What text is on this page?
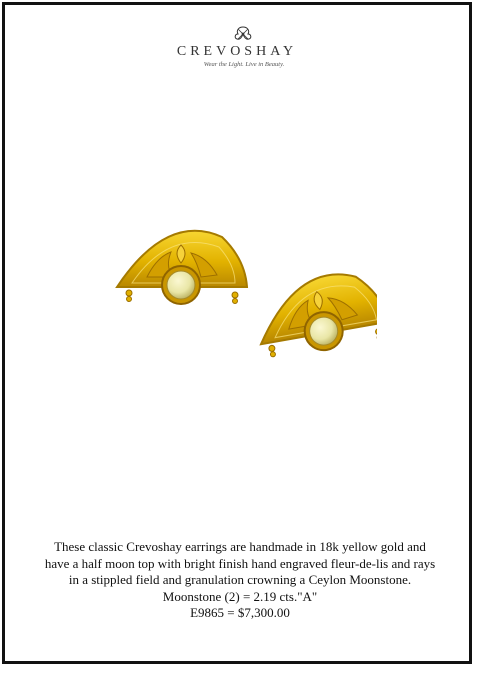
CREVOSHAY
Wear the Light. Live in Beauty.
These classic Crevoshay earrings are handmade in 18k yellow gold and
have a half moon top with bright finish hand engraved fleur-de-lis and rays
in a stippled field and granulation crowning a Ceylon Moonstone.
Moonstone (2) = 2.19 cts."A"
E9865 = $7,300.00
